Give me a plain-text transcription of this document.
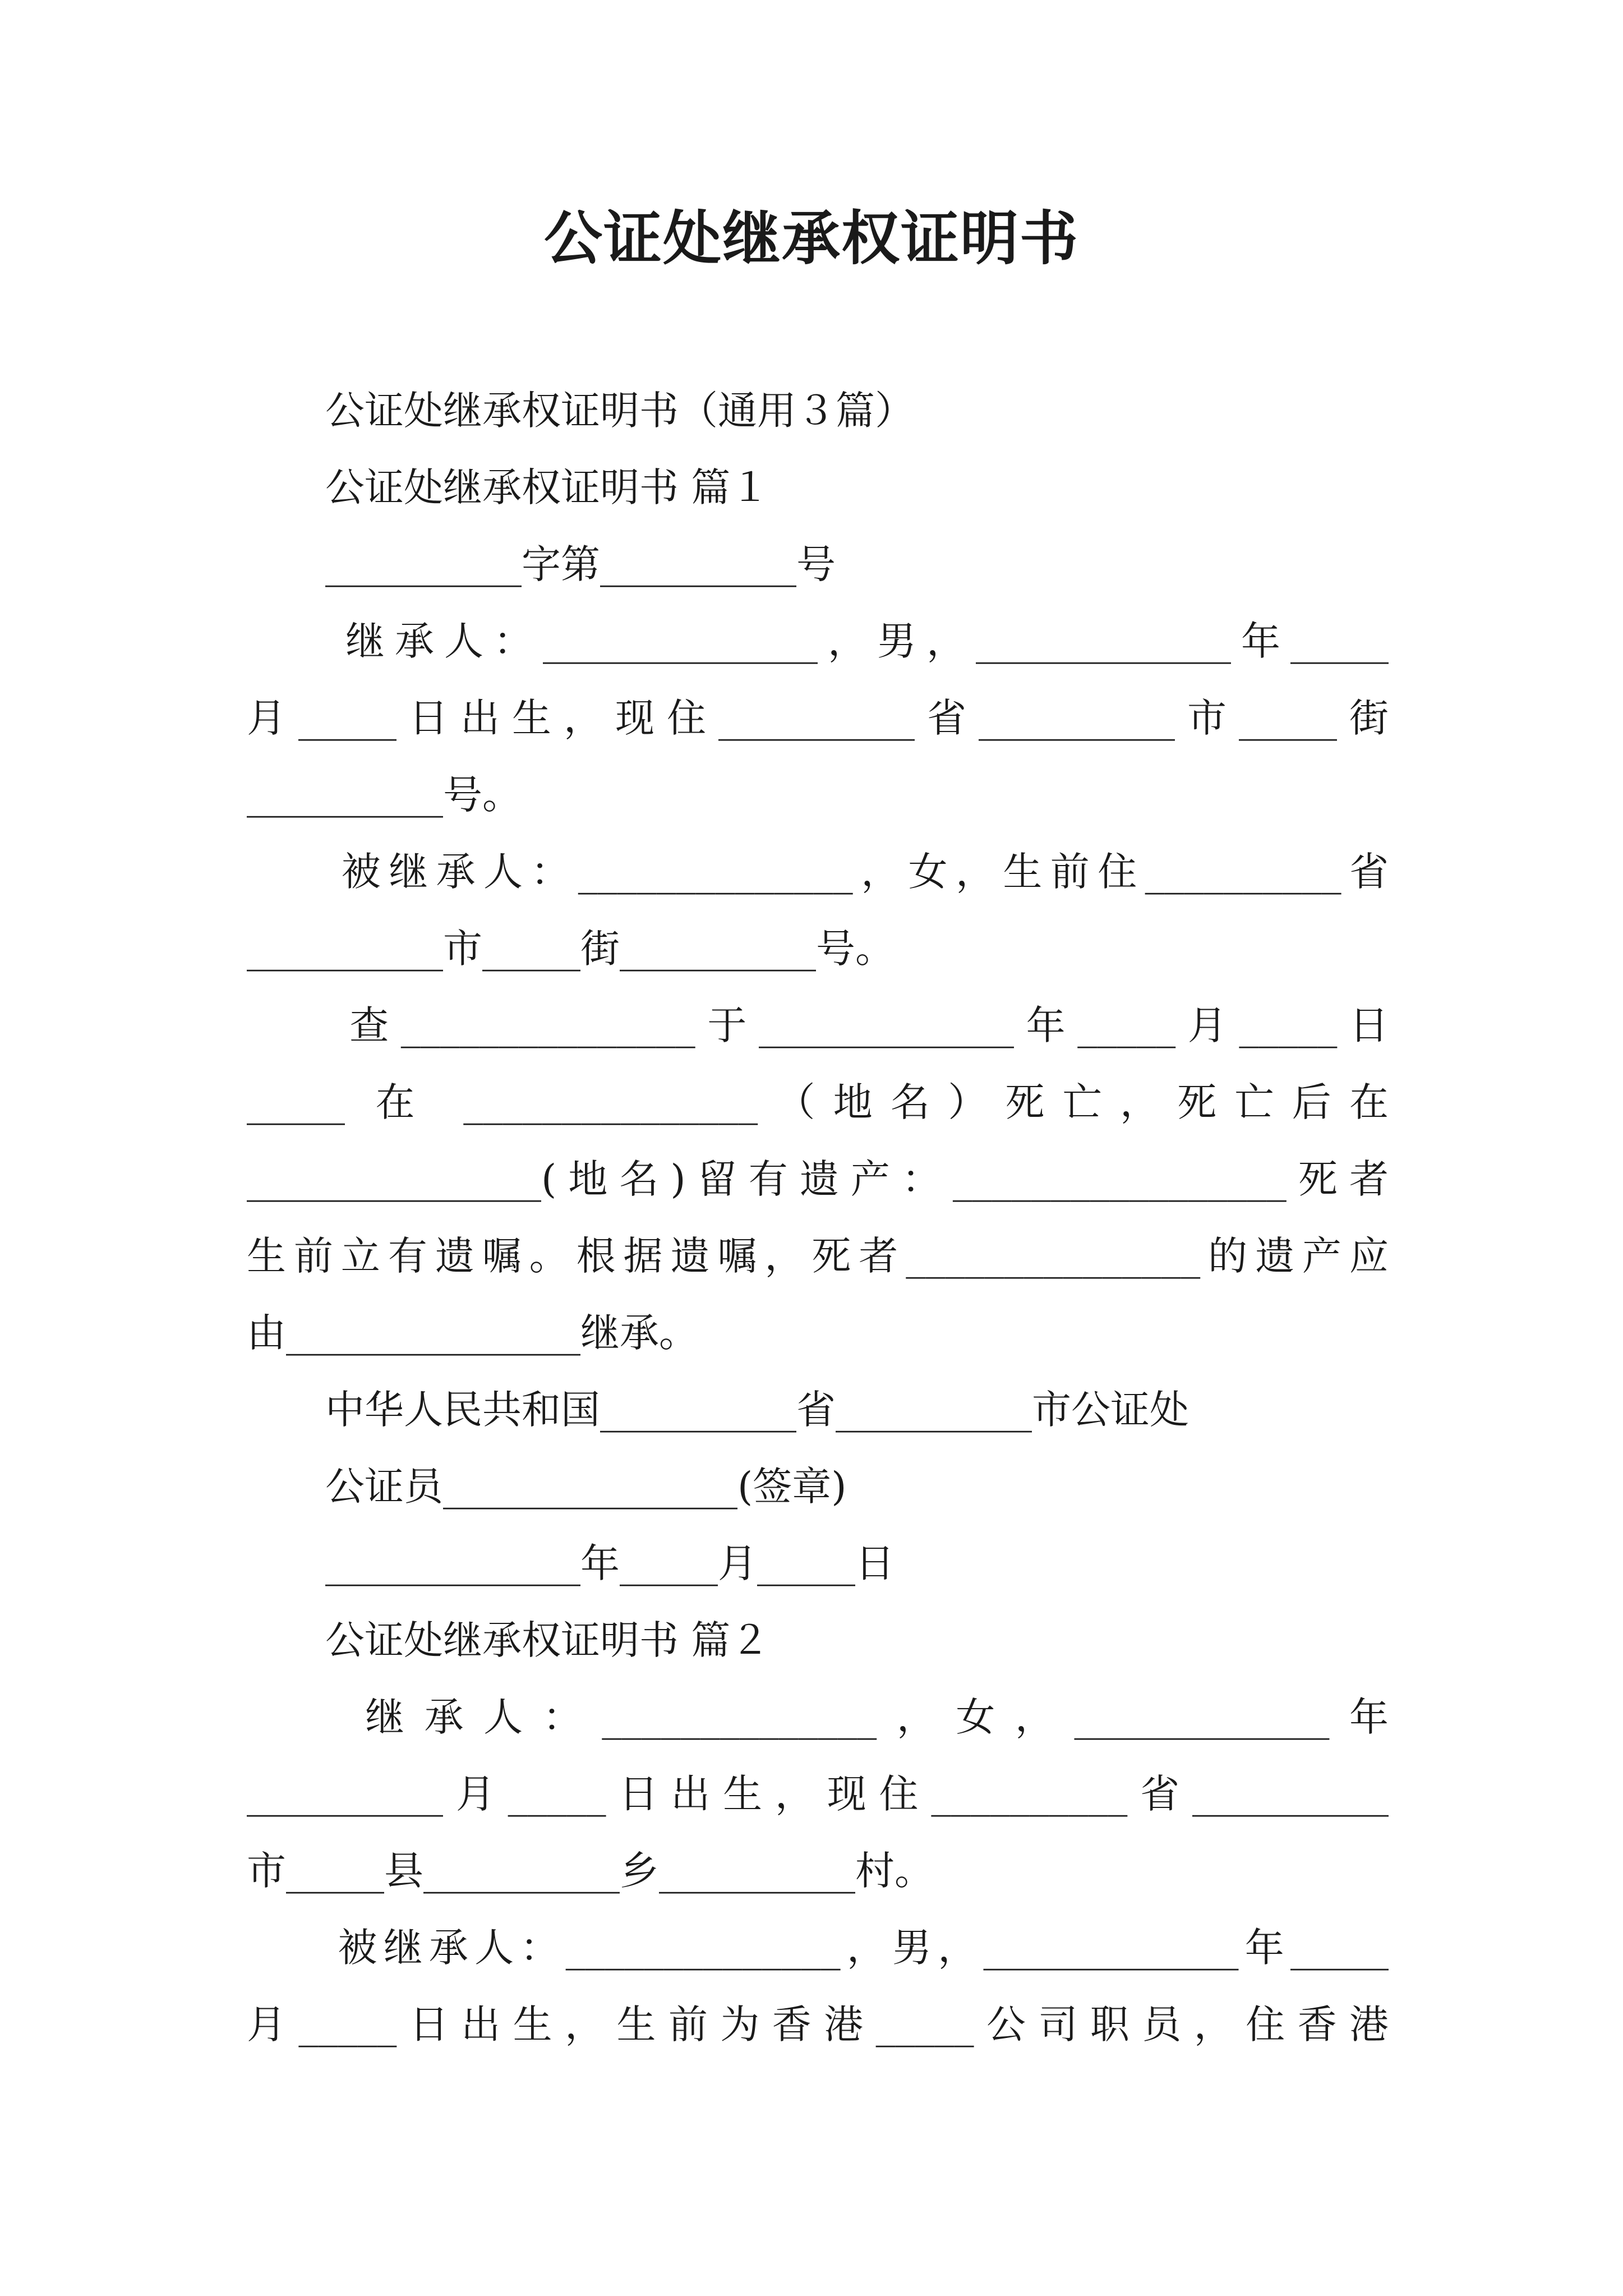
公证处继承权证明书
　　公证处继承权证明书（通用３篇）
　　公证处继承权证明书 篇１
　　__________字第__________号
　　继承人：______________，男，_____________年_____
月_____日出生，现住__________省__________市_____街
__________号。
　　被继承人：______________，女，生前住__________省
__________市_____街__________号。
　　查_______________于_____________年_____月_____日
_____ 在 _______________（地名）死亡，死亡后在
_______________(地名)留有遗产：_________________死者
生前立有遗嘱。根据遗嘱，死者_______________的遗产应
由_______________继承。
　　中华人民共和国__________省__________市公证处
　　公证员_______________(签章)
　　_____________年_____月_____日
　　公证处继承权证明书 篇２
　　继承人：______________，女，_____________年
__________月_____日出生，现住__________省__________
市_____县__________乡__________村。
　　被继承人：______________，男，_____________年_____
月_____日出生，生前为香港_____公司职员，住香港
